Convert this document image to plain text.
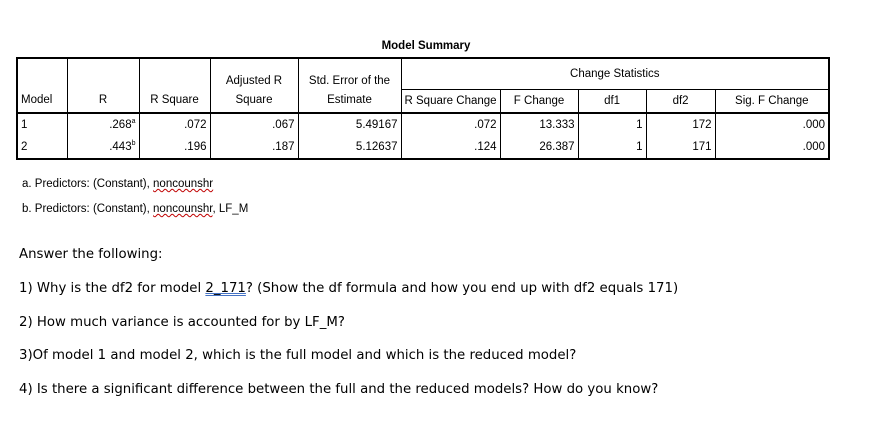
Model Summary
			Adjusted R	Std. Error of the	Change Statistics				
Model	R	R Square	Square	Estimate	R Square Change	F Change	df1	df2	Sig. F Change
1	.268$^a$	.072	.067	5.49167	.072	13.333	1	172	.000
2	.443$^b$	.196	.187	5.12637	.124	26.387	1	171	.000
a. Predictors: (Constant), noncounshr
b. Predictors: (Constant), noncounshr, LF_M
Answer the following:
1) Why is the df2 for model 2_171? (Show the df formula and how you end up with df2 equals 171)
2) How much variance is accounted for by LF_M?
3)Of model 1 and model 2, which is the full model and which is the reduced model?
4) Is there a significant difference between the full and the reduced models? How do you know?
